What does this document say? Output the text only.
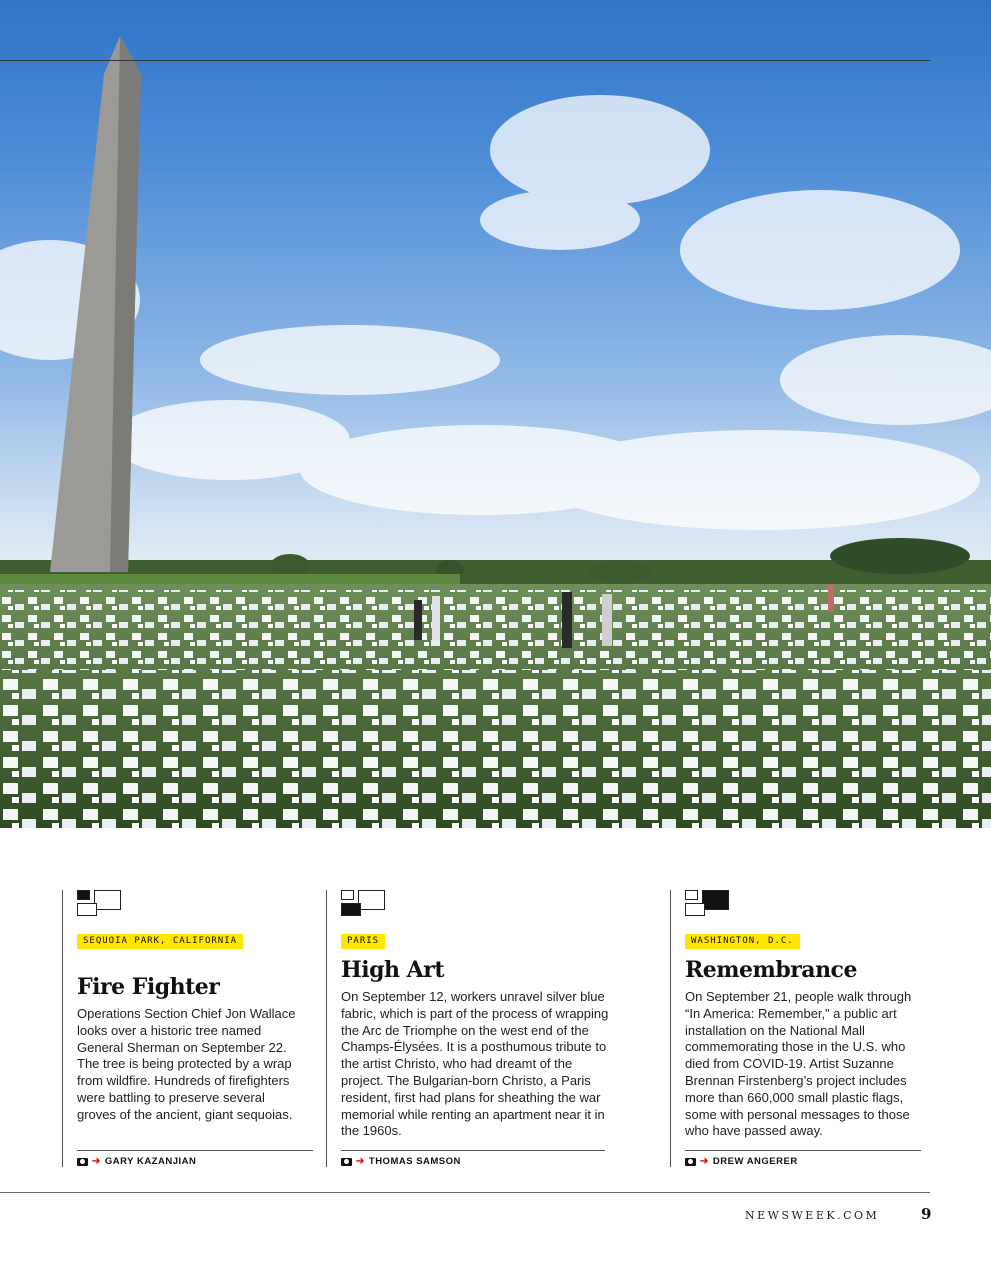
SEQUOIA PARK, CALIFORNIA
Fire Fighter

Operations Section Chief Jon Wallace looks over a historic tree named General Sherman on September 22. The tree is being protected by a wrap from wildfire. Hundreds of firefighters were battling to preserve several groves of the ancient, giant sequoias.

➔ GARY KAZANJIAN
PARIS
High Art

On September 12, workers unravel silver blue fabric, which is part of the process of wrapping the Arc de Triomphe on the west end of the Champs-Élysées. It is a posthumous tribute to the artist Christo, who had dreamt of the project. The Bulgarian-born Christo, a Paris resident, first had plans for sheathing the war memorial while renting an apartment near it in the 1960s.

➔ THOMAS SAMSON
WASHINGTON, D.C.
Remembrance

On September 21, people walk through “In America: Remember,” a public art installation on the National Mall commemorating those in the U.S. who died from COVID-19. Artist Suzanne Brennan Firstenberg’s project includes more than 660,000 small plastic flags, some with personal messages to those who have passed away.

➔ DREW ANGERER
NEWSWEEK.COM	9
